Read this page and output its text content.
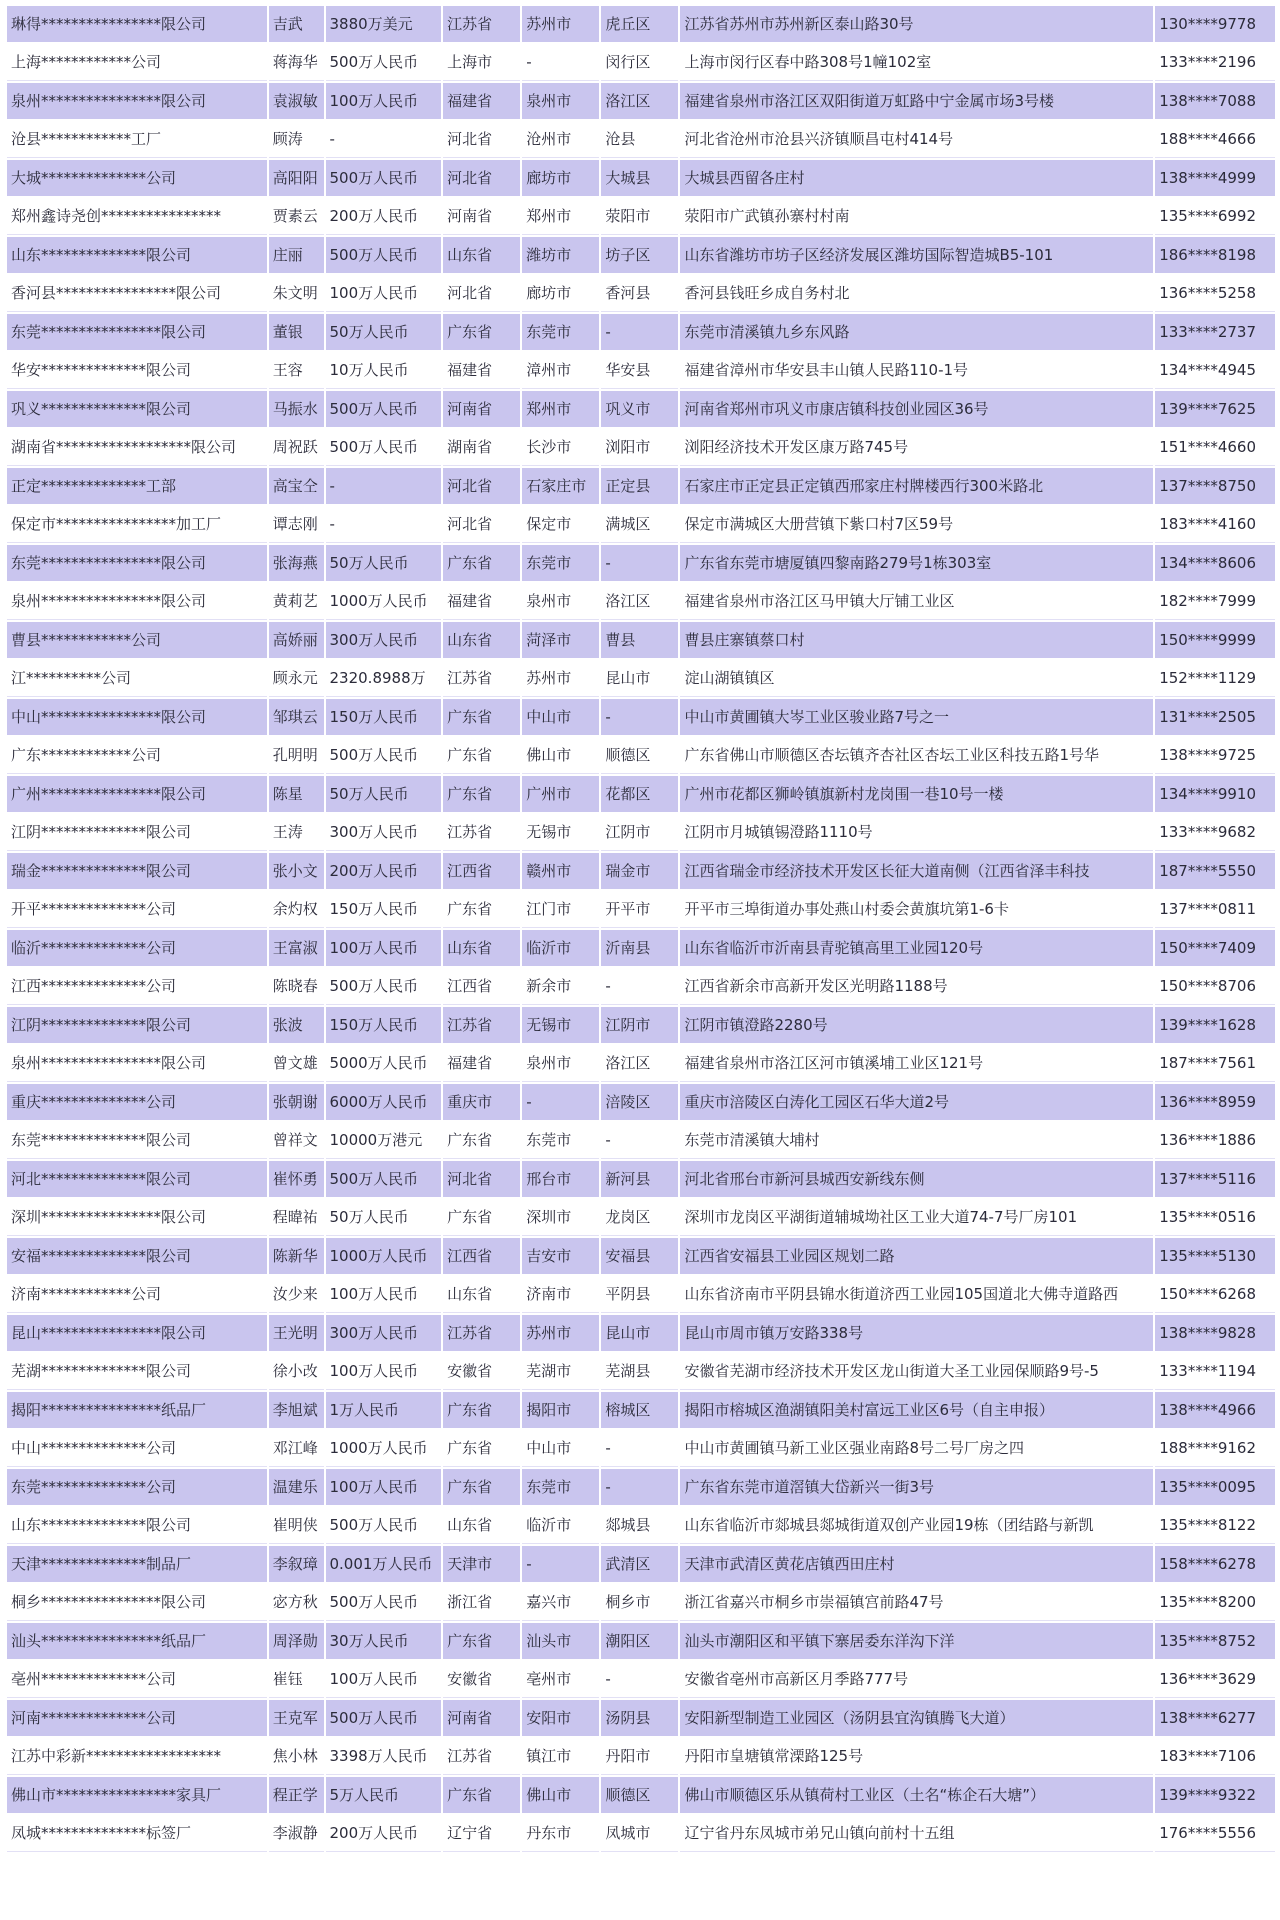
琳得****************限公司	吉武	3880万美元	江苏省	苏州市	虎丘区	江苏省苏州市苏州新区泰山路30号	130****9778
上海************公司	蒋海华	500万人民币	上海市	-	闵行区	上海市闵行区春中路308号1幢102室	133****2196
泉州****************限公司	袁淑敏	100万人民币	福建省	泉州市	洛江区	福建省泉州市洛江区双阳街道万虹路中宁金属市场3号楼	138****7088
沧县************工厂	顾涛	-	河北省	沧州市	沧县	河北省沧州市沧县兴济镇顺昌屯村414号	188****4666
大城**************公司	高阳阳	500万人民币	河北省	廊坊市	大城县	大城县西留各庄村	138****4999
郑州鑫诗尧创****************	贾素云	200万人民币	河南省	郑州市	荥阳市	荥阳市广武镇孙寨村村南	135****6992
山东**************限公司	庄丽	500万人民币	山东省	潍坊市	坊子区	山东省潍坊市坊子区经济发展区潍坊国际智造城B5-101	186****8198
香河县****************限公司	朱文明	100万人民币	河北省	廊坊市	香河县	香河县钱旺乡成自务村北	136****5258
东莞****************限公司	董银	50万人民币	广东省	东莞市	-	东莞市清溪镇九乡东风路	133****2737
华安**************限公司	王容	10万人民币	福建省	漳州市	华安县	福建省漳州市华安县丰山镇人民路110-1号	134****4945
巩义**************限公司	马振水	500万人民币	河南省	郑州市	巩义市	河南省郑州市巩义市康店镇科技创业园区36号	139****7625
湖南省******************限公司	周祝跃	500万人民币	湖南省	长沙市	浏阳市	浏阳经济技术开发区康万路745号	151****4660
正定**************工部	高宝仝	-	河北省	石家庄市	正定县	石家庄市正定县正定镇西邢家庄村牌楼西行300米路北	137****8750
保定市****************加工厂	谭志刚	-	河北省	保定市	满城区	保定市满城区大册营镇下紫口村7区59号	183****4160
东莞****************限公司	张海燕	50万人民币	广东省	东莞市	-	广东省东莞市塘厦镇四黎南路279号1栋303室	134****8606
泉州****************限公司	黄莉艺	1000万人民币	福建省	泉州市	洛江区	福建省泉州市洛江区马甲镇大厅铺工业区	182****7999
曹县************公司	高娇丽	300万人民币	山东省	菏泽市	曹县	曹县庄寨镇蔡口村	150****9999
江**********公司	顾永元	2320.8988万	江苏省	苏州市	昆山市	淀山湖镇镇区	152****1129
中山****************限公司	邹琪云	150万人民币	广东省	中山市	-	中山市黄圃镇大岑工业区骏业路7号之一	131****2505
广东************公司	孔明明	500万人民币	广东省	佛山市	顺德区	广东省佛山市顺德区杏坛镇齐杏社区杏坛工业区科技五路1号华	138****9725
广州****************限公司	陈星	50万人民币	广东省	广州市	花都区	广州市花都区狮岭镇旗新村龙岗围一巷10号一楼	134****9910
江阴**************限公司	王涛	300万人民币	江苏省	无锡市	江阴市	江阴市月城镇锡澄路1110号	133****9682
瑞金**************限公司	张小文	200万人民币	江西省	赣州市	瑞金市	江西省瑞金市经济技术开发区长征大道南侧（江西省泽丰科技	187****5550
开平**************公司	余灼权	150万人民币	广东省	江门市	开平市	开平市三埠街道办事处燕山村委会黄旗坑第1-6卡	137****0811
临沂**************公司	王富淑	100万人民币	山东省	临沂市	沂南县	山东省临沂市沂南县青驼镇高里工业园120号	150****7409
江西**************公司	陈晓春	500万人民币	江西省	新余市	-	江西省新余市高新开发区光明路1188号	150****8706
江阴**************限公司	张波	150万人民币	江苏省	无锡市	江阴市	江阴市镇澄路2280号	139****1628
泉州****************限公司	曾文雄	5000万人民币	福建省	泉州市	洛江区	福建省泉州市洛江区河市镇溪埔工业区121号	187****7561
重庆**************公司	张朝谢	6000万人民币	重庆市	-	涪陵区	重庆市涪陵区白涛化工园区石华大道2号	136****8959
东莞**************限公司	曾祥文	10000万港元	广东省	东莞市	-	东莞市清溪镇大埔村	136****1886
河北**************限公司	崔怀勇	500万人民币	河北省	邢台市	新河县	河北省邢台市新河县城西安新线东侧	137****5116
深圳****************限公司	程暐祐	50万人民币	广东省	深圳市	龙岗区	深圳市龙岗区平湖街道辅城坳社区工业大道74-7号厂房101	135****0516
安福**************限公司	陈新华	1000万人民币	江西省	吉安市	安福县	江西省安福县工业园区规划二路	135****5130
济南************公司	汝少来	100万人民币	山东省	济南市	平阴县	山东省济南市平阴县锦水街道济西工业园105国道北大佛寺道路西	150****6268
昆山****************限公司	王光明	300万人民币	江苏省	苏州市	昆山市	昆山市周市镇万安路338号	138****9828
芜湖**************限公司	徐小改	100万人民币	安徽省	芜湖市	芜湖县	安徽省芜湖市经济技术开发区龙山街道大圣工业园保顺路9号-5	133****1194
揭阳****************纸品厂	李旭斌	1万人民币	广东省	揭阳市	榕城区	揭阳市榕城区渔湖镇阳美村富远工业区6号（自主申报）	138****4966
中山**************公司	邓江峰	1000万人民币	广东省	中山市	-	中山市黄圃镇马新工业区强业南路8号二号厂房之四	188****9162
东莞**************公司	温建乐	100万人民币	广东省	东莞市	-	广东省东莞市道滘镇大岱新兴一街3号	135****0095
山东**************限公司	崔明侠	500万人民币	山东省	临沂市	郯城县	山东省临沂市郯城县郯城街道双创产业园19栋（团结路与新凯	135****8122
天津**************制品厂	李叙璋	0.001万人民币	天津市	-	武清区	天津市武清区黄花店镇西田庄村	158****6278
桐乡****************限公司	宓方秋	500万人民币	浙江省	嘉兴市	桐乡市	浙江省嘉兴市桐乡市崇福镇宫前路47号	135****8200
汕头****************纸品厂	周泽勋	30万人民币	广东省	汕头市	潮阳区	汕头市潮阳区和平镇下寨居委东洋沟下洋	135****8752
亳州**************公司	崔钰	100万人民币	安徽省	亳州市	-	安徽省亳州市高新区月季路777号	136****3629
河南**************公司	王克军	500万人民币	河南省	安阳市	汤阴县	安阳新型制造工业园区（汤阴县宜沟镇腾飞大道）	138****6277
江苏中彩新******************	焦小林	3398万人民币	江苏省	镇江市	丹阳市	丹阳市皇塘镇常溧路125号	183****7106
佛山市****************家具厂	程正学	5万人民币	广东省	佛山市	顺德区	佛山市顺德区乐从镇荷村工业区（土名“栋企石大塘”）	139****9322
凤城**************标签厂	李淑静	200万人民币	辽宁省	丹东市	凤城市	辽宁省丹东凤城市弟兄山镇向前村十五组	176****5556
